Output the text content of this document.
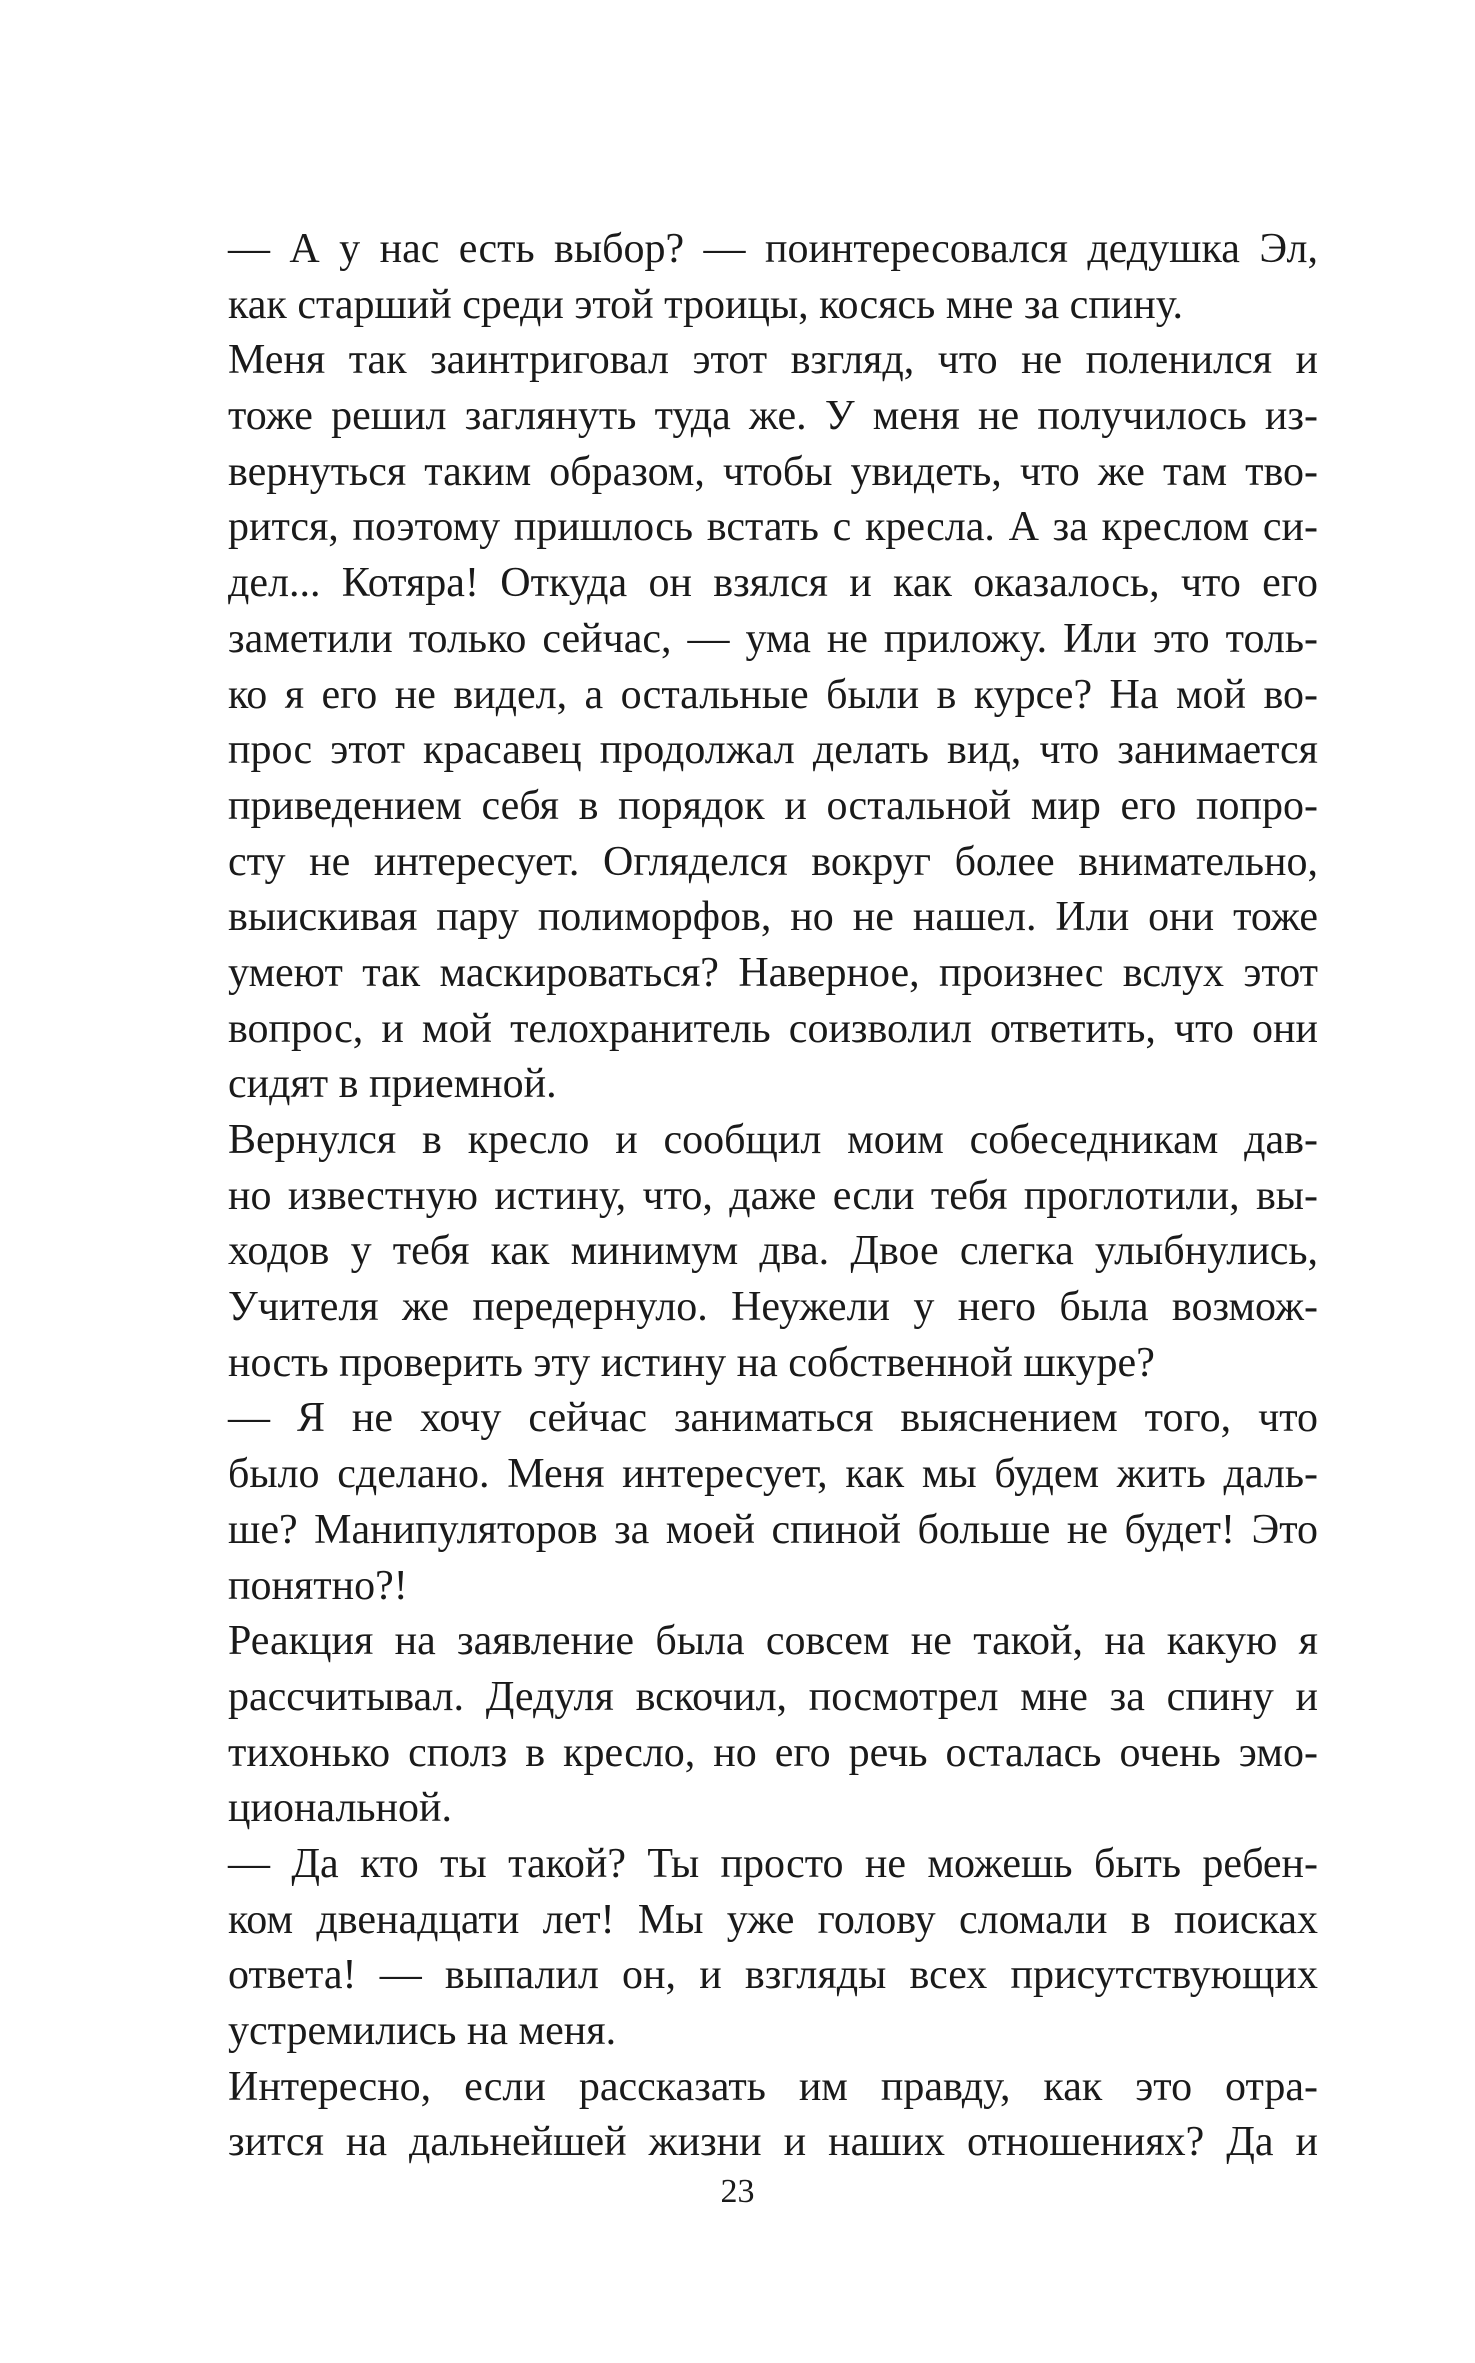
— А у нас есть выбор? — поинтересовался дедушка Эл,
как старший среди этой троицы, косясь мне за спину.
Меня так заинтриговал этот взгляд, что не поленился и
тоже решил заглянуть туда же. У меня не получилось из-
вернуться таким образом, чтобы увидеть, что же там тво-
рится, поэтому пришлось встать с кресла. А за креслом си-
дел... Котяра! Откуда он взялся и как оказалось, что его
заметили только сейчас, — ума не приложу. Или это толь-
ко я его не видел, а остальные были в курсе? На мой во-
прос этот красавец продолжал делать вид, что занимается
приведением себя в порядок и остальной мир его попро-
сту не интересует. Огляделся вокруг более внимательно,
выискивая пару полиморфов, но не нашел. Или они тоже
умеют так маскироваться? Наверное, произнес вслух этот
вопрос, и мой телохранитель соизволил ответить, что они
сидят в приемной.
Вернулся в кресло и сообщил моим собеседникам дав-
но известную истину, что, даже если тебя проглотили, вы-
ходов у тебя как минимум два. Двое слегка улыбнулись,
Учителя же передернуло. Неужели у него была возмож-
ность проверить эту истину на собственной шкуре?
— Я не хочу сейчас заниматься выяснением того, что
было сделано. Меня интересует, как мы будем жить даль-
ше? Манипуляторов за моей спиной больше не будет! Это
понятно?!
Реакция на заявление была совсем не такой, на какую я
рассчитывал. Дедуля вскочил, посмотрел мне за спину и
тихонько сполз в кресло, но его речь осталась очень эмо-
циональной.
— Да кто ты такой? Ты просто не можешь быть ребен-
ком двенадцати лет! Мы уже голову сломали в поисках
ответа! — выпалил он, и взгляды всех присутствующих
устремились на меня.
Интересно, если рассказать им правду, как это отра-
зится на дальнейшей жизни и наших отношениях? Да и
23
